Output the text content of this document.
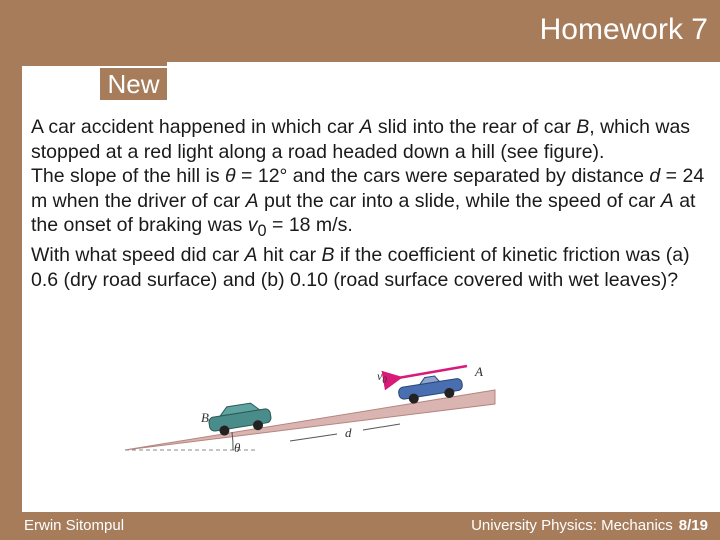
Homework 7
New

A car accident happened in which car A slid into the rear of car B, which was stopped at a red light along a road headed down a hill (see figure).

The slope of the hill is θ = 12° and the cars were separated by distance d = 24 m when the driver of car A put the car into a slide, while the speed of car A at the onset of braking was $v_0 = 18$ m/s.

With what speed did car A hit car B if the coefficient of kinetic friction was (a) 0.6 (dry road surface) and (b) 0.10 (road surface covered with wet leaves)?

θ
d
B
A
$v_0$
Erwin Sitompul	University Physics: Mechanics 8/19
